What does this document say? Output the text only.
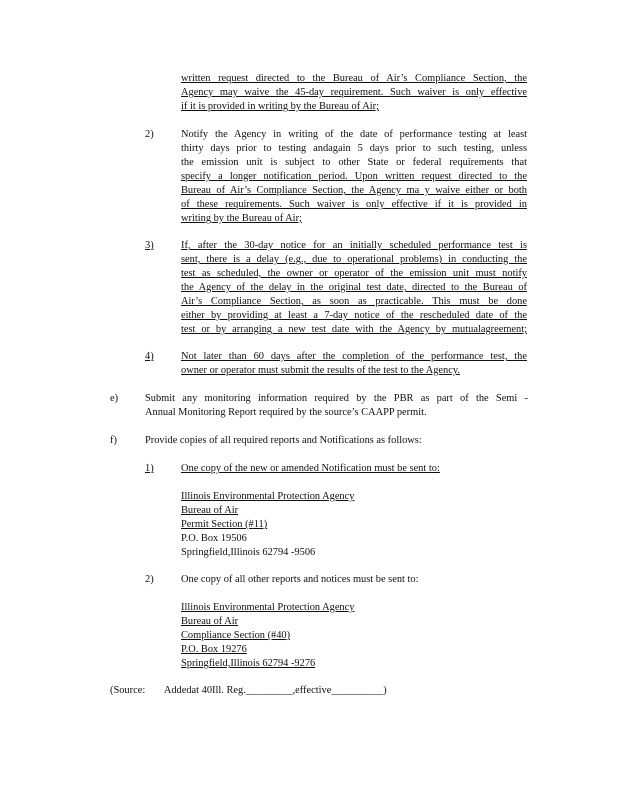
written request directed to the Bureau of Air’s Compliance Section, the
Agency may waive the 45-day requirement. Such waiver is only effective
if it is provided in writing by the Bureau of Air;
2)	Notify the Agency in writing of the date of performance testing at least
thirty days prior to testing andagain 5 days prior to such testing, unless
the emission unit is subject to other State or federal requirements that
specify a longer notification period. Upon written request directed to the
Bureau of Air’s Compliance Section, the Agency ma y waive either or both
of these requirements. Such waiver is only effective if it is provided in
writing by the Bureau of Air;
3)	If, after the 30-day notice for an initially scheduled performance test is
sent, there is a delay (e.g., due to operational problems) in conducting the
test as scheduled, the owner or operator of the emission unit must notify
the Agency of the delay in the original test date, directed to the Bureau of
Air’s Compliance Section, as soon as practicable. This must be done
either by providing at least a 7-day notice of the rescheduled date of the
test or by arranging a new test date with the Agency by mutualagreement;
4)	Not later than 60 days after the completion of the performance test, the
owner or operator must submit the results of the test to the Agency.
e)	Submit any monitoring information required by the PBR as part of the Semi -
Annual Monitoring Report required by the source’s CAAPP permit.
f)	Provide copies of all required reports and Notifications as follows:
1)	One copy of the new or amended Notification must be sent to:
Illinois Environmental Protection Agency
Bureau of Air
Permit Section (#11)
P.O. Box 19506
Springfield,Illinois 62794 -9506
2)	One copy of all other reports and notices must be sent to:
Illinois Environmental Protection Agency
Bureau of Air
Compliance Section (#40)
P.O. Box 19276
Springfield,Illinois 62794 -9276
(Source: Addedat 40Ill. Reg._________,effective__________)
